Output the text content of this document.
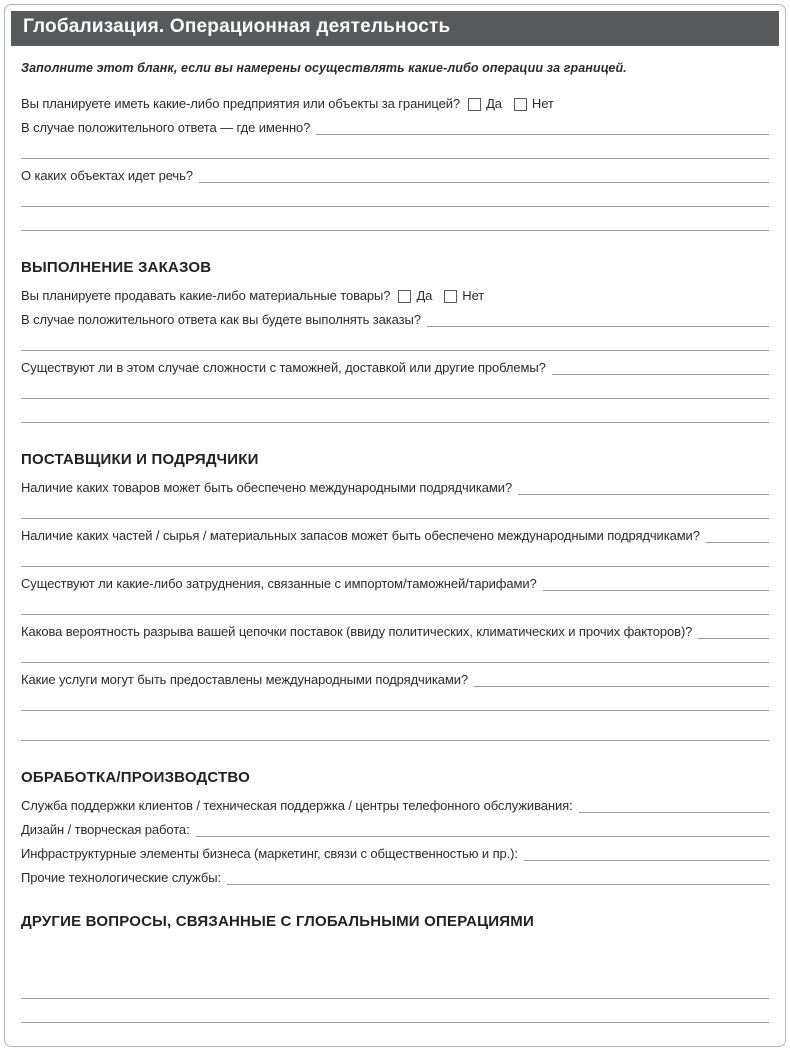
Глобализация. Операционная деятельность

Заполните этот бланк, если вы намерены осуществлять какие-либо операции за границей.

Вы планируете иметь какие-либо предприятия или объекты за границей? Да Нет
В случае положительного ответа — где именно?
О каких объектах идет речь?
ВЫПОЛНЕНИЕ ЗАКАЗОВ
Вы планируете продавать какие-либо материальные товары? Да Нет
В случае положительного ответа как вы будете выполнять заказы?
Существуют ли в этом случае сложности с таможней, доставкой или другие проблемы?
ПОСТАВЩИКИ И ПОДРЯДЧИКИ
Наличие каких товаров может быть обеспечено международными подрядчиками?
Наличие каких частей / сырья / материальных запасов может быть обеспечено международными подрядчиками?
Существуют ли какие-либо затруднения, связанные с импортом/таможней/тарифами?
Какова вероятность разрыва вашей цепочки поставок (ввиду политических, климатических и прочих факторов)?
Какие услуги могут быть предоставлены международными подрядчиками?
ОБРАБОТКА/ПРОИЗВОДСТВО
Служба поддержки клиентов / техническая поддержка / центры телефонного обслуживания:
Дизайн / творческая работа:
Инфраструктурные элементы бизнеса (маркетинг, связи с общественностью и пр.):
Прочие технологические службы:
ДРУГИЕ ВОПРОСЫ, СВЯЗАННЫЕ С ГЛОБАЛЬНЫМИ ОПЕРАЦИЯМИ
